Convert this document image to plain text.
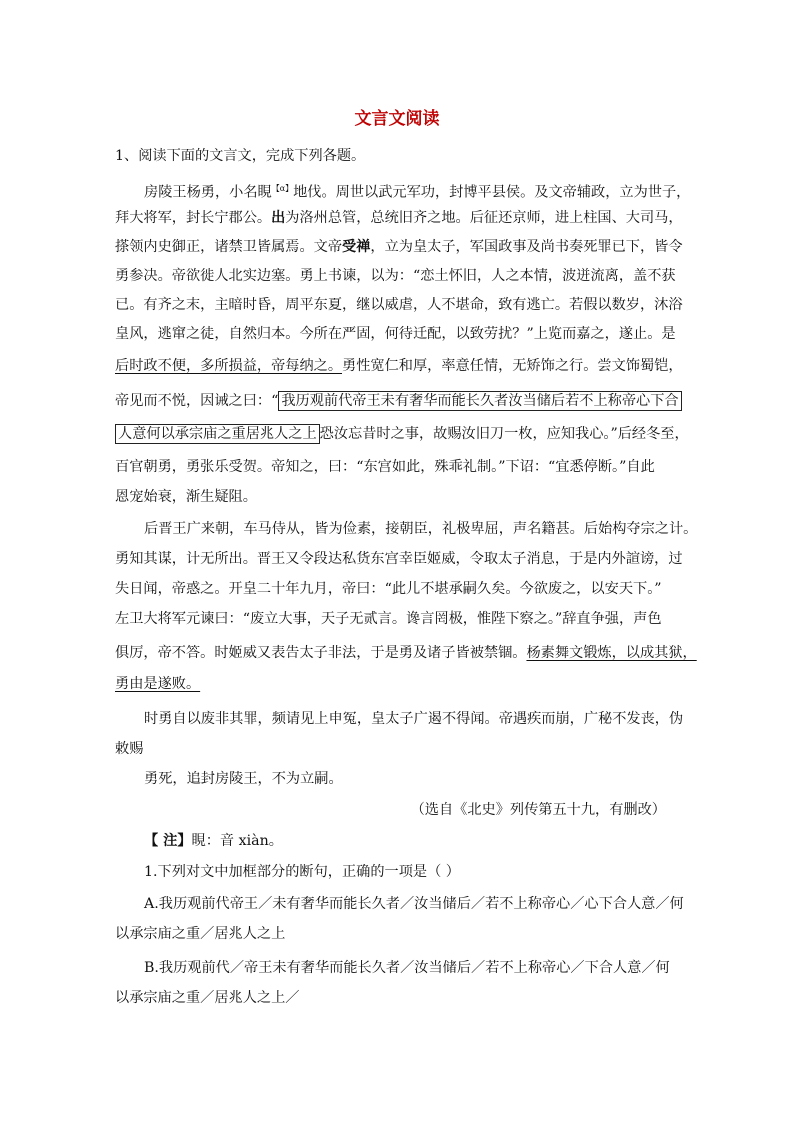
文言文阅读
1、阅读下面的文言文，完成下列各题。
房陵王杨勇，小名睍$^{【\alpha】}$地伐。周世以武元军功，封博平县侯。及文帝辅政，立为世子，
拜大将军，封长宁郡公。出为洛州总管，总统旧齐之地。后征还京师，进上柱国、大司马，
搽领内史御正，诸禁卫皆属焉。文帝受禅，立为皇太子，军国政事及尚书奏死罪已下，皆令
勇参决。帝欲徙人北实边塞。勇上书谏，以为：“恋土怀旧，人之本情，波迸流离，盖不获
已。有齐之末，主暗时昏，周平东夏，继以威虐，人不堪命，致有逃亡。若假以数岁，沐浴
皇风，逃窜之徒，自然归本。今所在严固，何待迁配，以致劳扰？”上览而嘉之，遂止。是
后时政不便，多所损益，帝每纳之。勇性宽仁和厚，率意任情，无矫饰之行。尝文饰蜀铠，
帝见而不悦，因诫之曰：“ 我历观前代帝王未有奢华而能长久者汝当储后若不上称帝心下合
人意何以承宗庙之重居兆人之上 恐汝忘昔时之事，故赐汝旧刀一枚，应知我心。”后经冬至，
百官朝勇，勇张乐受贺。帝知之，曰：“东宫如此，殊乖礼制。”下诏：“宜悉停断。”自此
恩宠始衰，渐生疑阻。
后晋王广来朝，车马侍从，皆为俭素，接朝臣，礼极卑屈，声名籍甚。后始构夺宗之计。
勇知其谋，计无所出。晋王又令段达私货东宫幸臣姬威，令取太子消息，于是内外諠谤，过
失日闻，帝惑之。开皇二十年九月，帝曰：“此儿不堪承嗣久矣。今欲废之，以安天下。”
左卫大将军元谏曰：“废立大事，天子无贰言。谗言罔极，惟陛下察之。”辞直争强，声色
俱厉，帝不答。时姬威又表告太子非法，于是勇及诸子皆被禁锢。杨素舞文锻炼，以成其狱，
勇由是遂败。
时勇自以废非其罪，频请见上申冤，皇太子广遏不得闻。帝遇疾而崩，广秘不发丧，伪
敕赐
勇死，追封房陵王，不为立嗣。
（选自《北史》列传第五十九，有删改）
【 注】睍：音 xiàn。
1.下列对文中加框部分的断句，正确的一项是（ ）
A.我历观前代帝王／未有奢华而能长久者／汝当储后／若不上称帝心／心下合人意／何
以承宗庙之重／居兆人之上
B.我历观前代／帝王未有奢华而能长久者／汝当储后／若不上称帝心／下合人意／何
以承宗庙之重／居兆人之上／
